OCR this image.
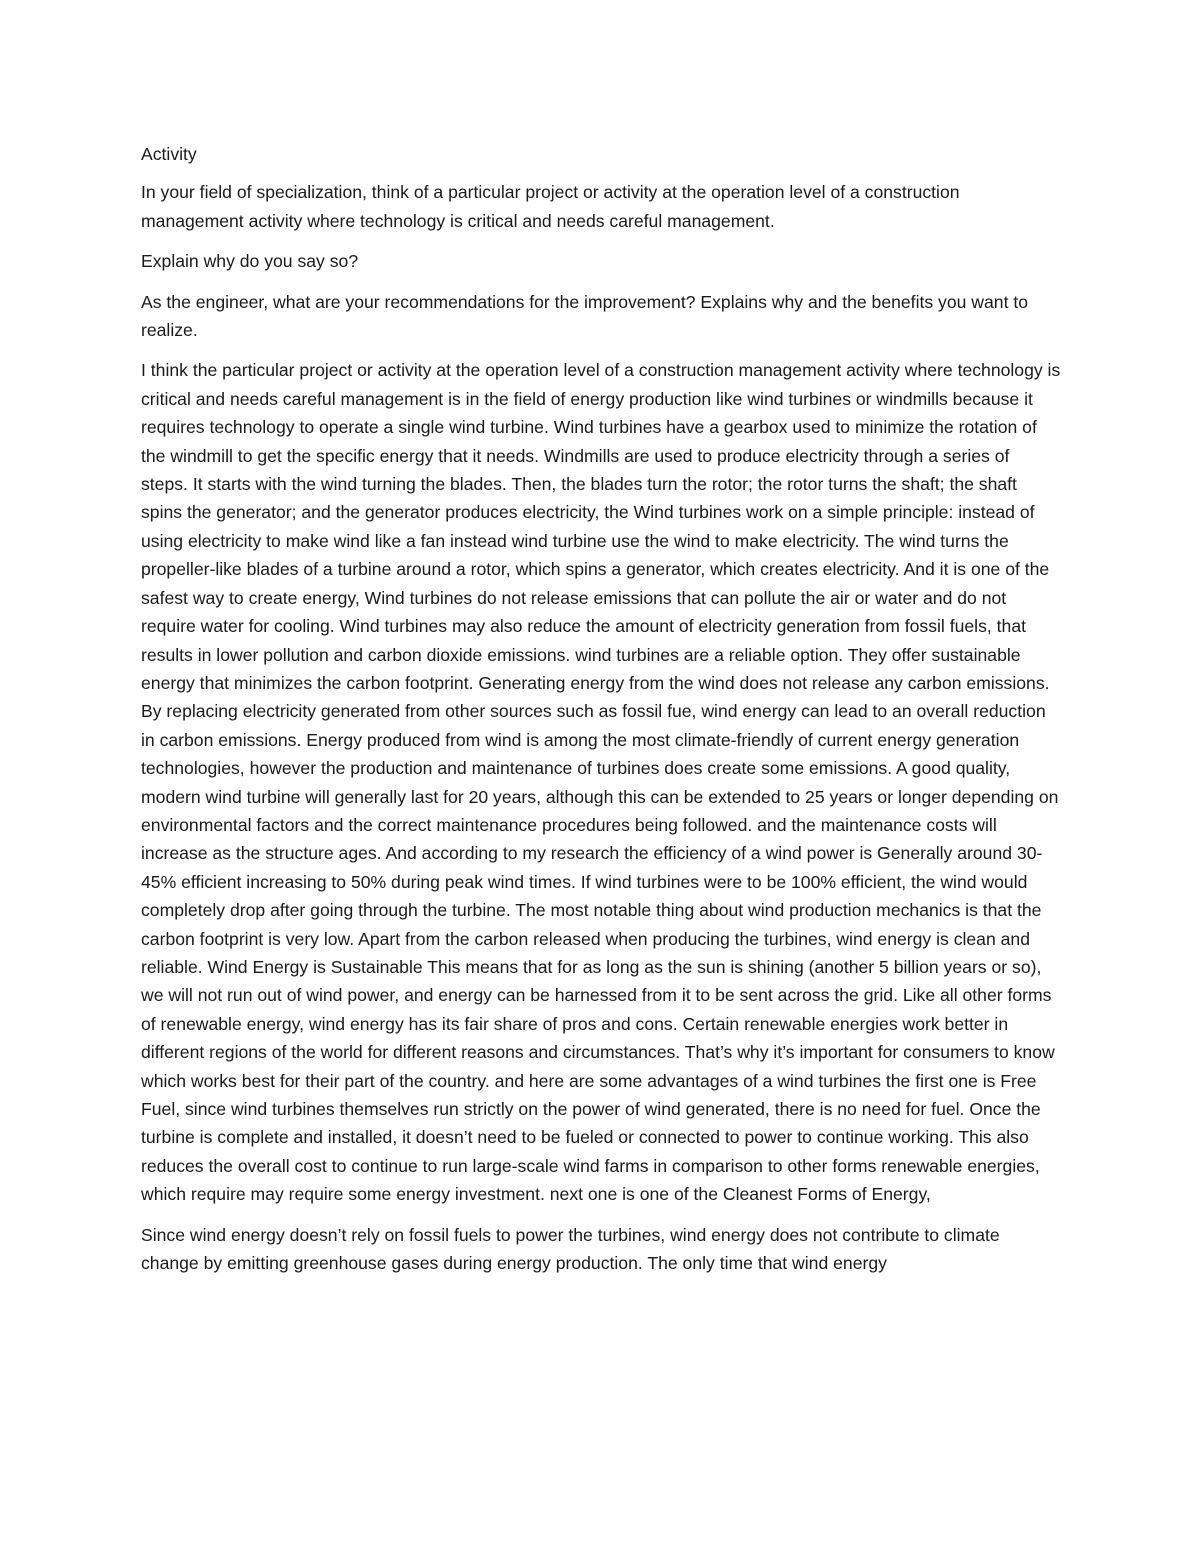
Activity

In your field of specialization, think of a particular project or activity at the operation level of a construction management activity where technology is critical and needs careful management.

Explain why do you say so?

As the engineer, what are your recommendations for the improvement? Explains why and the benefits you want to realize.

I think the particular project or activity at the operation level of a construction management activity where technology is critical and needs careful management is in the field of energy production like wind turbines or windmills because it requires technology to operate a single wind turbine. Wind turbines have a gearbox used to minimize the rotation of the windmill to get the specific energy that it needs. Windmills are used to produce electricity through a series of steps. It starts with the wind turning the blades. Then, the blades turn the rotor; the rotor turns the shaft; the shaft spins the generator; and the generator produces electricity, the Wind turbines work on a simple principle: instead of using electricity to make wind like a fan instead wind turbine use the wind to make electricity. The wind turns the propeller-like blades of a turbine around a rotor, which spins a generator, which creates electricity. And it is one of the safest way to create energy, Wind turbines do not release emissions that can pollute the air or water and do not require water for cooling. Wind turbines may also reduce the amount of electricity generation from fossil fuels, that results in lower pollution and carbon dioxide emissions. wind turbines are a reliable option. They offer sustainable energy that minimizes the carbon footprint. Generating energy from the wind does not release any carbon emissions. By replacing electricity generated from other sources such as fossil fue, wind energy can lead to an overall reduction in carbon emissions. Energy produced from wind is among the most climate-friendly of current energy generation technologies, however the production and maintenance of turbines does create some emissions. A good quality, modern wind turbine will generally last for 20 years, although this can be extended to 25 years or longer depending on environmental factors and the correct maintenance procedures being followed. and the maintenance costs will increase as the structure ages. And according to my research the efficiency of a wind power is Generally around 30-45% efficient increasing to 50% during peak wind times. If wind turbines were to be 100% efficient, the wind would completely drop after going through the turbine. The most notable thing about wind production mechanics is that the carbon footprint is very low. Apart from the carbon released when producing the turbines, wind energy is clean and reliable. Wind Energy is Sustainable This means that for as long as the sun is shining (another 5 billion years or so), we will not run out of wind power, and energy can be harnessed from it to be sent across the grid. Like all other forms of renewable energy, wind energy has its fair share of pros and cons. Certain renewable energies work better in different regions of the world for different reasons and circumstances. That’s why it’s important for consumers to know which works best for their part of the country. and here are some advantages of a wind turbines the first one is Free Fuel, since wind turbines themselves run strictly on the power of wind generated, there is no need for fuel. Once the turbine is complete and installed, it doesn’t need to be fueled or connected to power to continue working. This also reduces the overall cost to continue to run large-scale wind farms in comparison to other forms renewable energies, which require may require some energy investment. next one is one of the Cleanest Forms of Energy,

Since wind energy doesn’t rely on fossil fuels to power the turbines, wind energy does not contribute to climate change by emitting greenhouse gases during energy production. The only time that wind energy
